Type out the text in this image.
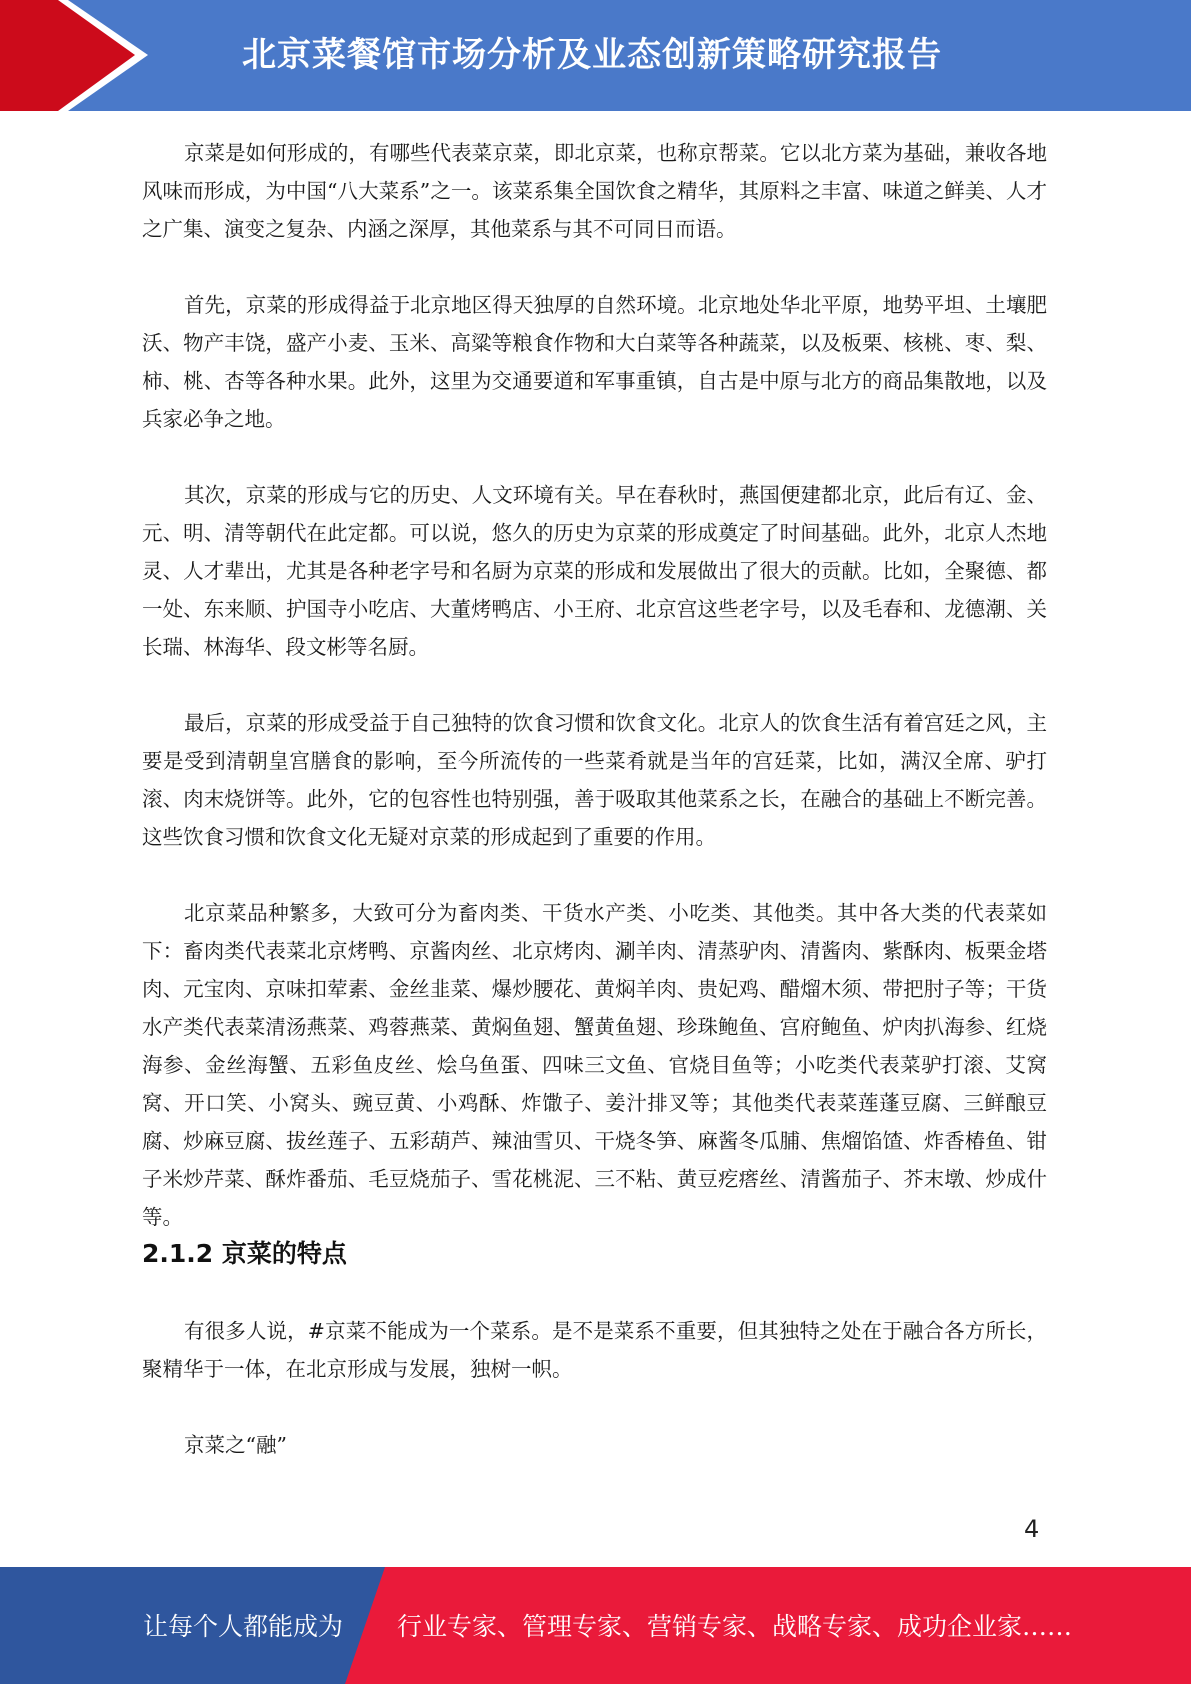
北京菜餐馆市场分析及业态创新策略研究报告

京菜是如何形成的，有哪些代表菜京菜，即北京菜，也称京帮菜。它以北方菜为基础，兼收各地风味而形成，为中国“八大菜系”之一。该菜系集全国饮食之精华，其原料之丰富、味道之鲜美、人才之广集、演变之复杂、内涵之深厚，其他菜系与其不可同日而语。

首先，京菜的形成得益于北京地区得天独厚的自然环境。北京地处华北平原，地势平坦、土壤肥沃、物产丰饶，盛产小麦、玉米、高粱等粮食作物和大白菜等各种蔬菜，以及板栗、核桃、枣、梨、柿、桃、杏等各种水果。此外，这里为交通要道和军事重镇，自古是中原与北方的商品集散地，以及兵家必争之地。

其次，京菜的形成与它的历史、人文环境有关。早在春秋时，燕国便建都北京，此后有辽、金、元、明、清等朝代在此定都。可以说，悠久的历史为京菜的形成奠定了时间基础。此外，北京人杰地灵、人才辈出，尤其是各种老字号和名厨为京菜的形成和发展做出了很大的贡献。比如，全聚德、都一处、东来顺、护国寺小吃店、大董烤鸭店、小王府、北京宫这些老字号，以及毛春和、龙德潮、关长瑞、林海华、段文彬等名厨。

最后，京菜的形成受益于自己独特的饮食习惯和饮食文化。北京人的饮食生活有着宫廷之风，主要是受到清朝皇宫膳食的影响，至今所流传的一些菜肴就是当年的宫廷菜，比如，满汉全席、驴打滚、肉末烧饼等。此外，它的包容性也特别强，善于吸取其他菜系之长，在融合的基础上不断完善。这些饮食习惯和饮食文化无疑对京菜的形成起到了重要的作用。

北京菜品种繁多，大致可分为畜肉类、干货水产类、小吃类、其他类。其中各大类的代表菜如下：畜肉类代表菜北京烤鸭、京酱肉丝、北京烤肉、涮羊肉、清蒸驴肉、清酱肉、紫酥肉、板栗金塔肉、元宝肉、京味扣荤素、金丝韭菜、爆炒腰花、黄焖羊肉、贵妃鸡、醋熘木须、带把肘子等；干货水产类代表菜清汤燕菜、鸡蓉燕菜、黄焖鱼翅、蟹黄鱼翅、珍珠鲍鱼、宫府鲍鱼、炉肉扒海参、红烧海参、金丝海蟹、五彩鱼皮丝、烩乌鱼蛋、四味三文鱼、官烧目鱼等；小吃类代表菜驴打滚、艾窝窝、开口笑、小窝头、豌豆黄、小鸡酥、炸馓子、姜汁排叉等；其他类代表菜莲蓬豆腐、三鲜酿豆腐、炒麻豆腐、拔丝莲子、五彩葫芦、辣油雪贝、干烧冬笋、麻酱冬瓜脯、焦熘馅馇、炸香椿鱼、钳子米炒芹菜、酥炸番茄、毛豆烧茄子、雪花桃泥、三不粘、黄豆疙瘩丝、清酱茄子、芥末墩、炒成什等。

2.1.2 京菜的特点

有很多人说，#京菜不能成为一个菜系。是不是菜系不重要，但其独特之处在于融合各方所长，聚精华于一体，在北京形成与发展，独树一帜。

京菜之“融”

4
让每个人都能成为 行业专家、管理专家、营销专家、战略专家、成功企业家……
